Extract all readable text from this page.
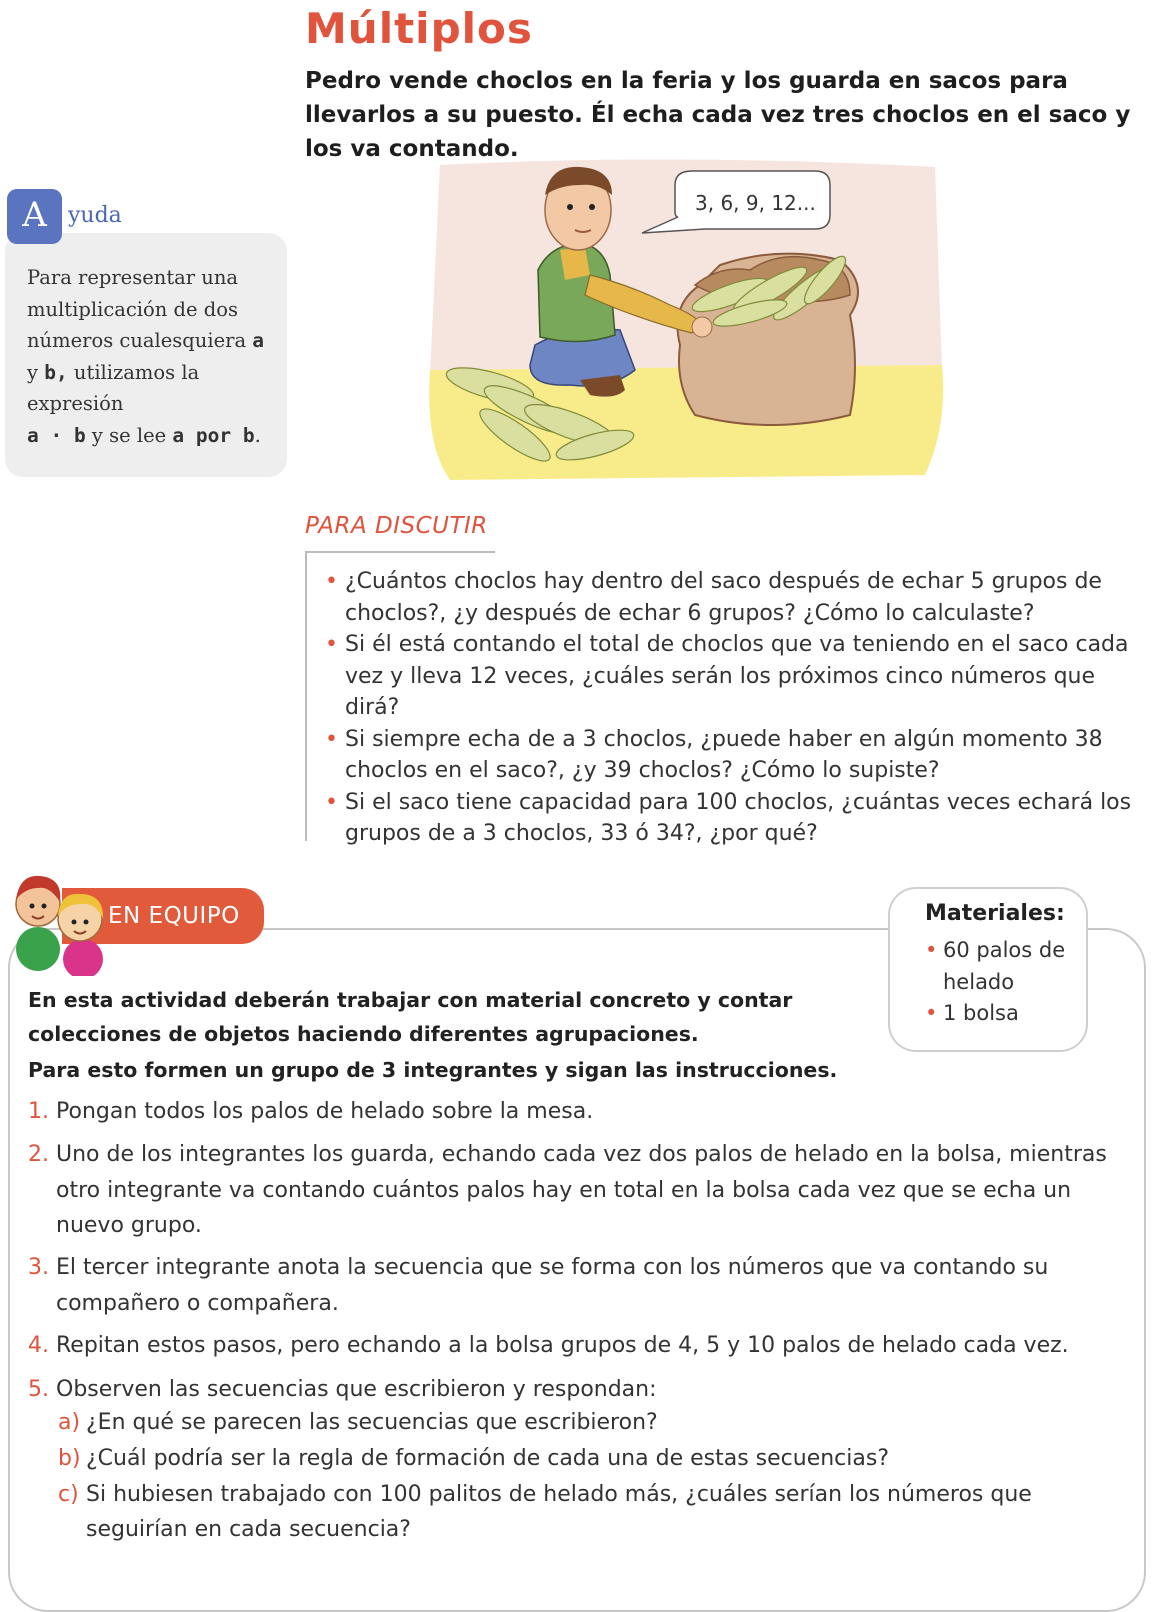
Múltiplos
Pedro vende choclos en la feria y los guarda en sacos para llevarlos a su puesto. Él echa cada vez tres choclos en el saco y los va contando.
A yuda
Para representar una multiplicación de dos números cualesquiera a y b, utilizamos la expresión
a · b y se lee a por b.
3, 6, 9, 12...
PARA DISCUTIR
• ¿Cuántos choclos hay dentro del saco después de echar 5 grupos de choclos?, ¿y después de echar 6 grupos? ¿Cómo lo calculaste?
• Si él está contando el total de choclos que va teniendo en el saco cada vez y lleva 12 veces, ¿cuáles serán los próximos cinco números que dirá?
• Si siempre echa de a 3 choclos, ¿puede haber en algún momento 38 choclos en el saco?, ¿y 39 choclos? ¿Cómo lo supiste?
• Si el saco tiene capacidad para 100 choclos, ¿cuántas veces echará los grupos de a 3 choclos, 33 ó 34?, ¿por qué?
EN EQUIPO	Materiales:
• 60 palos de helado
• 1 bolsa
En esta actividad deberán trabajar con material concreto y contar colecciones de objetos haciendo diferentes agrupaciones.
Para esto formen un grupo de 3 integrantes y sigan las instrucciones.
1. Pongan todos los palos de helado sobre la mesa.
2. Uno de los integrantes los guarda, echando cada vez dos palos de helado en la bolsa, mientras otro integrante va contando cuántos palos hay en total en la bolsa cada vez que se echa un nuevo grupo.
3. El tercer integrante anota la secuencia que se forma con los números que va contando su compañero o compañera.
4. Repitan estos pasos, pero echando a la bolsa grupos de 4, 5 y 10 palos de helado cada vez.
5. Observen las secuencias que escribieron y respondan:
a) ¿En qué se parecen las secuencias que escribieron?
b) ¿Cuál podría ser la regla de formación de cada una de estas secuencias?
c) Si hubiesen trabajado con 100 palitos de helado más, ¿cuáles serían los números que seguirían en cada secuencia?
